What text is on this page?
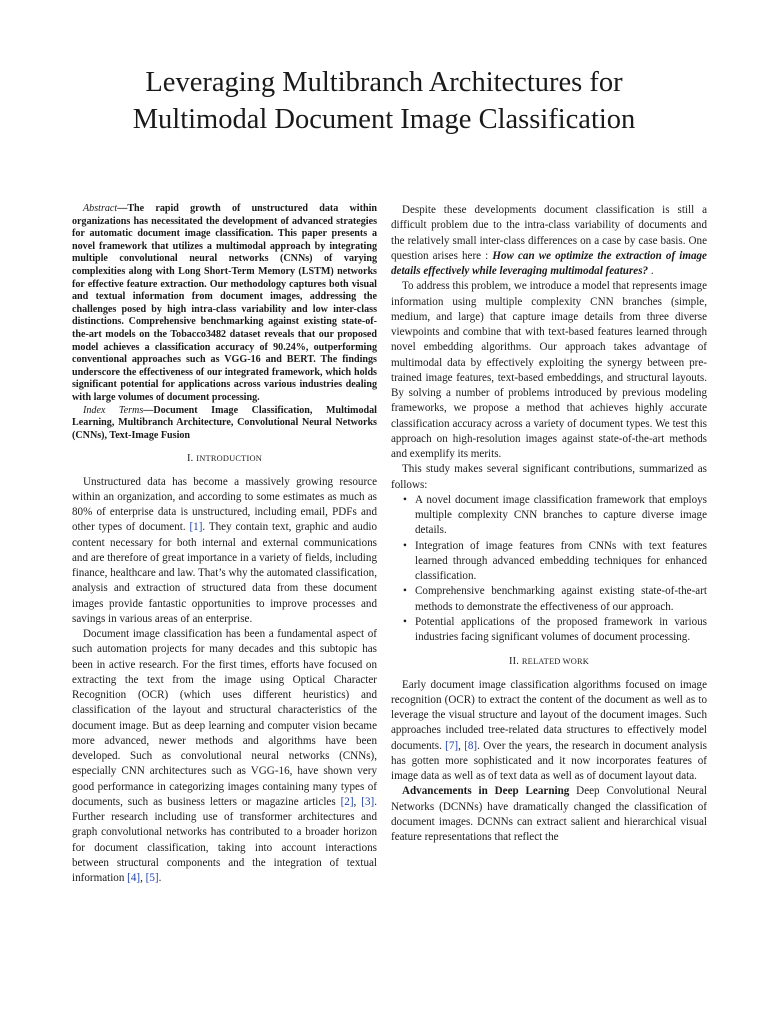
Leveraging Multibranch Architectures for
Multimodal Document Image Classification

Abstract—The rapid growth of unstructured data within organizations has necessitated the development of advanced strategies for automatic document image classification. This paper presents a novel framework that utilizes a multimodal approach by integrating multiple convolutional neural networks (CNNs) of varying complexities along with Long Short-Term Memory (LSTM) networks for effective feature extraction. Our methodology captures both visual and textual information from document images, addressing the challenges posed by high intra-class variability and low inter-class distinctions. Comprehensive benchmarking against existing state-of-the-art models on the Tobacco3482 dataset reveals that our proposed model achieves a classification accuracy of 90.24%, outperforming conventional approaches such as VGG-16 and BERT. The findings underscore the effectiveness of our integrated framework, which holds significant potential for applications across various industries dealing with large volumes of document processing.

Index Terms—Document Image Classification, Multimodal Learning, Multibranch Architecture, Convolutional Neural Networks (CNNs), Text-Image Fusion

I. INTRODUCTION

Unstructured data has become a massively growing resource within an organization, and according to some estimates as much as 80% of enterprise data is unstructured, including email, PDFs and other types of document. [1]. They contain text, graphic and audio content necessary for both internal and external communications and are therefore of great importance in a variety of fields, including finance, healthcare and law. That’s why the automated classification, analysis and extraction of structured data from these document images provide fantastic opportunities to improve processes and savings in various areas of an enterprise.

Document image classification has been a fundamental aspect of such automation projects for many decades and this subtopic has been in active research. For the first times, efforts have focused on extracting the text from the image using Optical Character Recognition (OCR) (which uses different heuristics) and classification of the layout and structural characteristics of the document image. But as deep learning and computer vision became more advanced, newer methods and algorithms have been developed. Such as convolutional neural networks (CNNs), especially CNN architectures such as VGG-16, have shown very good performance in categorizing images containing many types of documents, such as business letters or magazine articles [2], [3]. Further research including use of transformer architectures and graph convolutional networks has contributed to a broader horizon for document classification, taking into account interactions between structural components and the integration of textual information [4], [5].

Despite these developments document classification is still a difficult problem due to the intra-class variability of documents and the relatively small inter-class differences on a case by case basis. One question arises here : How can we optimize the extraction of image details effectively while leveraging multimodal features? .

To address this problem, we introduce a model that represents image information using multiple complexity CNN branches (simple, medium, and large) that capture image details from three diverse viewpoints and combine that with text-based features learned through novel embedding algorithms. Our approach takes advantage of multimodal data by effectively exploiting the synergy between pre-trained image features, text-based embeddings, and structural layouts. By solving a number of problems introduced by previous modeling frameworks, we propose a method that achieves highly accurate classification accuracy across a variety of document types. We test this approach on high-resolution images against state-of-the-art methods and exemplify its merits.

This study makes several significant contributions, summarized as follows:

• A novel document image classification framework that employs multiple complexity CNN branches to capture diverse image details.
• Integration of image features from CNNs with text features learned through advanced embedding techniques for enhanced classification.
• Comprehensive benchmarking against existing state-of-the-art methods to demonstrate the effectiveness of our approach.
• Potential applications of the proposed framework in various industries facing significant volumes of document processing.
II. RELATED WORK

Early document image classification algorithms focused on image recognition (OCR) to extract the content of the document as well as to leverage the visual structure and layout of the document images. Such approaches included tree-related data structures to effectively model documents. [7], [8]. Over the years, the research in document analysis has gotten more sophisticated and it now incorporates features of image data as well as of text data as well as of document layout data.

Advancements in Deep Learning Deep Convolutional Neural Networks (DCNNs) have dramatically changed the classification of document images. DCNNs can extract salient and hierarchical visual feature representations that reflect the
